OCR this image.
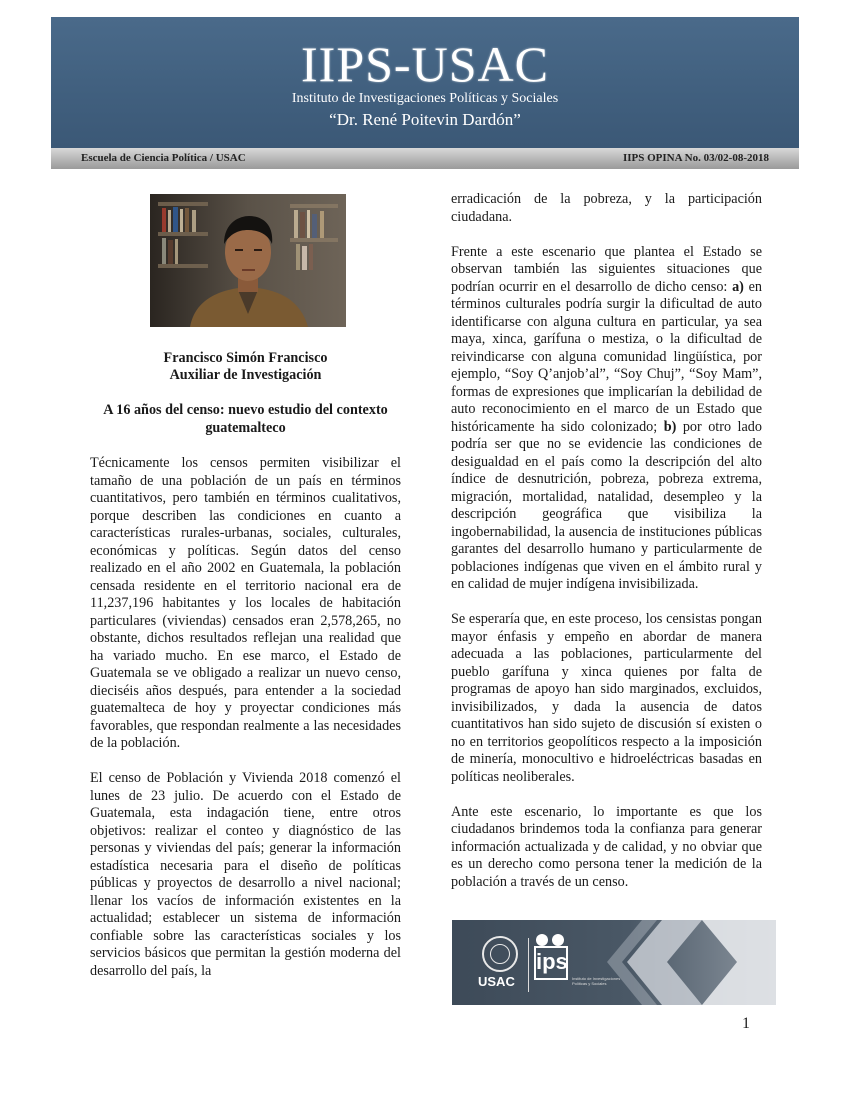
IIPS-USAC
Instituto de Investigaciones Políticas y Sociales
“Dr. René Poitevin Dardón”
Escuela de Ciencia Política / USAC	IIPS OPINA No. 03/02-08-2018
Francisco Simón Francisco
Auxiliar de Investigación
A 16 años del censo: nuevo estudio del contexto guatemalteco

Técnicamente los censos permiten visibilizar el tamaño de una población de un país en términos cuantitativos, pero también en términos cualitativos, porque describen las condiciones en cuanto a características rurales-urbanas, sociales, culturales, económicas y políticas. Según datos del censo realizado en el año 2002 en Guatemala, la población censada residente en el territorio nacional era de 11,237,196 habitantes y los locales de habitación particulares (viviendas) censados eran 2,578,265, no obstante, dichos resultados reflejan una realidad que ha variado mucho. En ese marco, el Estado de Guatemala se ve obligado a realizar un nuevo censo, dieciséis años después, para entender a la sociedad guatemalteca de hoy y proyectar condiciones más favorables, que respondan realmente a las necesidades de la población.

El censo de Población y Vivienda 2018 comenzó el lunes de 23 julio. De acuerdo con el Estado de Guatemala, esta indagación tiene, entre otros objetivos: realizar el conteo y diagnóstico de las personas y viviendas del país; generar la información estadística necesaria para el diseño de políticas públicas y proyectos de desarrollo a nivel nacional; llenar los vacíos de información existentes en la actualidad; establecer un sistema de información confiable sobre las características sociales y los servicios básicos que permitan la gestión moderna del desarrollo del país, la

erradicación de la pobreza, y la participación ciudadana.

Frente a este escenario que plantea el Estado se observan también las siguientes situaciones que podrían ocurrir en el desarrollo de dicho censo: a) en términos culturales podría surgir la dificultad de auto identificarse con alguna cultura en particular, ya sea maya, xinca, garífuna o mestiza, o la dificultad de reivindicarse con alguna comunidad lingüística, por ejemplo, “Soy Q’anjob’al”, “Soy Chuj”, “Soy Mam”, formas de expresiones que implicarían la debilidad de auto reconocimiento en el marco de un Estado que históricamente ha sido colonizado; b) por otro lado podría ser que no se evidencie las condiciones de desigualdad en el país como la descripción del alto índice de desnutrición, pobreza, pobreza extrema, migración, mortalidad, natalidad, desempleo y la descripción geográfica que visibiliza la ingobernabilidad, la ausencia de instituciones públicas garantes del desarrollo humano y particularmente de poblaciones indígenas que viven en el ámbito rural y en calidad de mujer indígena invisibilizada.

Se esperaría que, en este proceso, los censistas pongan mayor énfasis y empeño en abordar de manera adecuada a las poblaciones, particularmente del pueblo garífuna y xinca quienes por falta de programas de apoyo han sido marginados, excluidos, invisibilizados, y dada la ausencia de datos cuantitativos han sido sujeto de discusión sí existen o no en territorios geopolíticos respecto a la imposición de minería, monocultivo e hidroeléctricas basadas en políticas neoliberales.

Ante este escenario, lo importante es que los ciudadanos brindemos toda la confianza para generar información actualizada y de calidad, y no obviar que es un derecho como persona tener la medición de la población a través de un censo.

USAC
ips
Instituto de Investigaciones Políticas y Sociales
1
